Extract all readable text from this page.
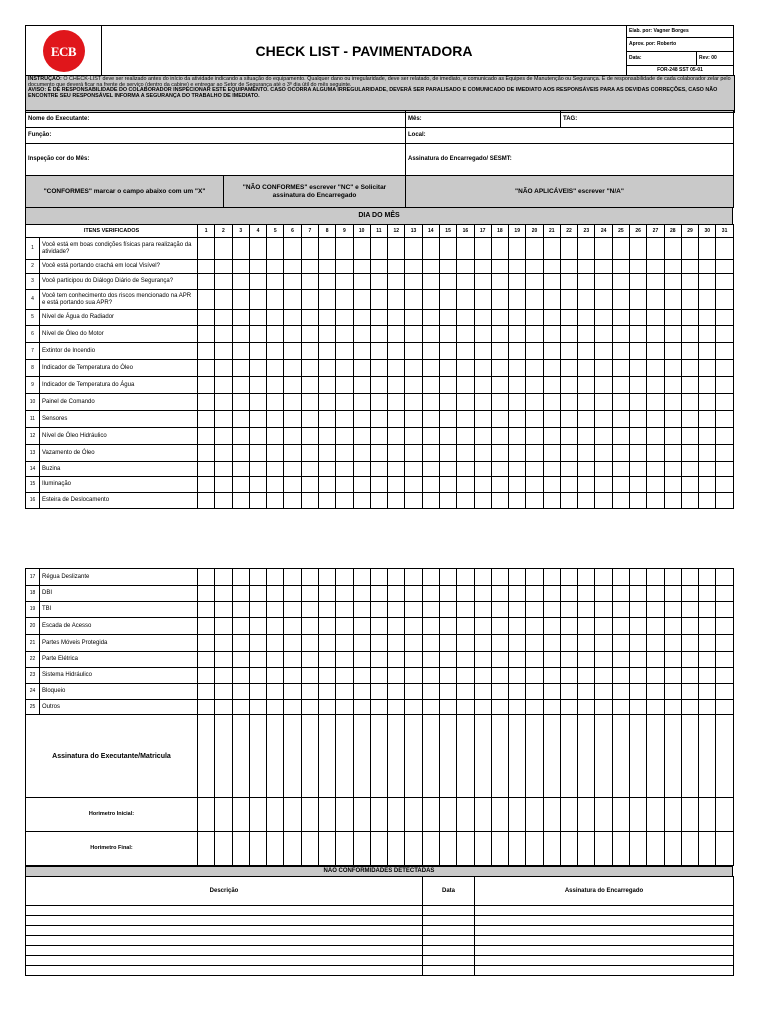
ECB	CHECK LIST - PAVIMENTADORA	Elab. por: Vagner Borges	
		Aprov. por: Roberto	
		Data:	Rev: 00
		FOR-248 SST 05-01	
INSTRUÇÃO: O CHECK-LIST deve ser realizado antes do início da atividade indicando a situação do equipamento. Qualquer dano ou irregularidade, deve ser relatado, de imediato, e comunicado as Equipes de Manutenção ou Segurança. É de responsabilidade de cada colaborador zelar pelo documento que deverá ficar na frente de serviço (dentro da cabine) e entregar ao Setor de Segurança até o 3º dia útil do mês seguinte.
AVISO: É DE RESPONSABILIDADE DO COLABORADOR INSPECIONAR ESTE EQUIPAMENTO. CASO OCORRA ALGUMA IRREGULARIDADE, DEVERÁ SER PARALISADO E COMUNICADO DE IMEDIATO AOS RESPONSÁVEIS PARA AS DEVIDAS CORREÇÕES, CASO NÃO ENCONTRE SEU RESPONSÁVEL INFORMA A SEGURANÇA DO TRABALHO DE IMEDIATO.
Nome do Executante:	Mês:	TAG:
Função:	Local:	
Inspeção cor do Mês:	Assinatura do Encarregado/ SESMT:	
"CONFORMES" marcar o campo abaixo com um "X"	"NÃO CONFORMES" escrever "NC" e Solicitar assinatura do Encarregado	"NÃO APLICÁVEIS" escrever "N/A"
DIA DO MÊS
ITENS VERIFICADOS		1	2	3	4	5	6	7	8	9	10	11	12	13	14	15	16	17	18	19	20	21	22	23	24	25	26	27	28	29	30	31
1	Você está em boas condições físicas para realização da atividade?																															
2	Você está portando crachá em local Visível?																															
3	Você participou do Diálogo Diário de Segurança?																															
4	Você tem conhecimento dos riscos mencionado na APR e está portando sua APR?																															
5	Nível de Água do Radiador																															
6	Nível de Óleo do Motor																															
7	Extintor de Incendio																															
8	Indicador de Temperatura do Óleo																															
9	Indicador de Temperatura do Água																															
10	Painel de Comando																															
11	Sensores																															
12	Nível de Óleo Hidráulico																															
13	Vazamento de Óleo																															
14	Buzina																															
15	Iluminação																															
16	Esteira de Deslocamento																															
17	Régua Deslizante																															
18	DBI																															
19	TBI																															
20	Escada de Acesso																															
21	Partes Móveis Protegida																															
22	Parte Elétrica																															
23	Sistema Hidráulico																															
24	Bloqueio																															
25	Outros																															
Assinatura do Executante/Matricula																																
Horimetro Inicial:																																
Horimetro Final:																																
NÃO CONFORMIDADES DETECTADAS
Descrição	Data	Assinatura do Encarregado
